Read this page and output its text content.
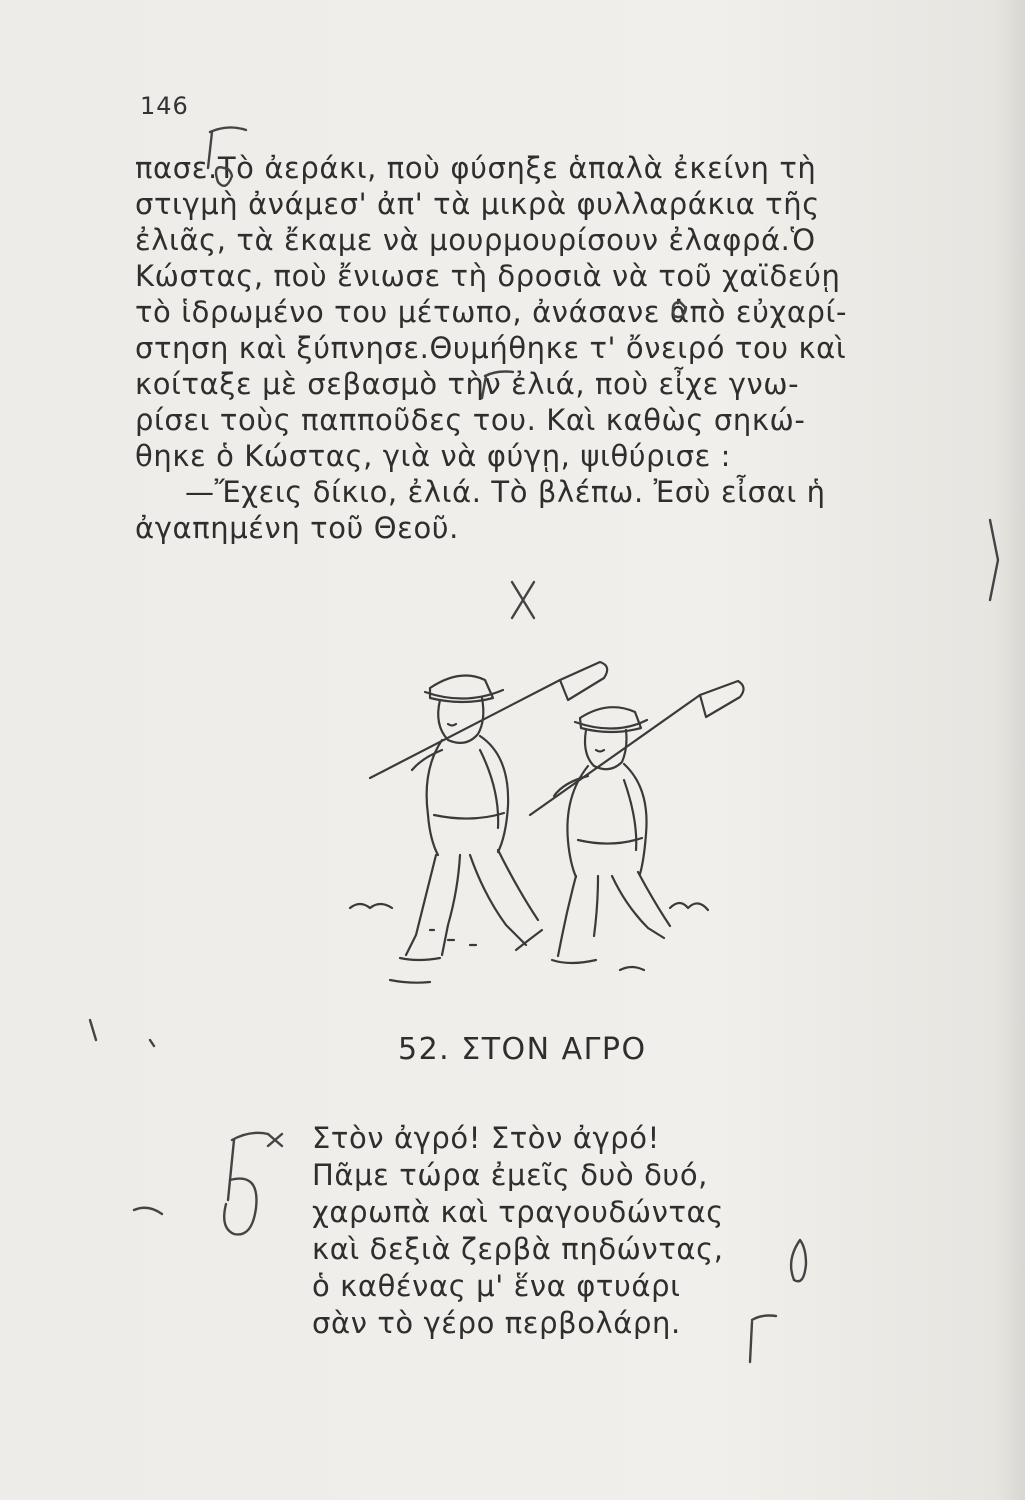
146
πασε.Τὸ ἀεράκι, ποὺ φύσηξε ἁπαλὰ ἐκείνη τὴ
στιγμὴ ἀνάμεσ' ἀπ' τὰ μικρὰ φυλλαράκια τῆς
ἐλιᾶς, τὰ ἔκαμε νὰ μουρμουρίσουν ἐλαφρά.Ὁ
Κώστας, ποὺ ἔνιωσε τὴ δροσιὰ νὰ τοῦ χαϊδεύῃ
τὸ ἱδρωμένο του μέτωπο, ἀνάσανε ἀπὸ εὐχαρί-
στηση καὶ ξύπνησε.Θυμήθηκε τ' ὄνειρό του καὶ
κοίταξε μὲ σεβασμὸ τὴν ἐλιά, ποὺ εἶχε γνω-
ρίσει τοὺς παπποῦδες του. Καὶ καθὼς σηκώ-
θηκε ὁ Κώστας, γιὰ νὰ φύγῃ, ψιθύρισε :
—Ἔχεις δίκιο, ἐλιά. Τὸ βλέπω. Ἐσὺ εἶσαι ἡ
ἀγαπημένη τοῦ Θεοῦ.
52. ΣΤΟΝ ΑΓΡΟ
Στὸν ἀγρό! Στὸν ἀγρό!
Πᾶμε τώρα ἐμεῖς δυὸ δυό,
χαρωπὰ καὶ τραγουδώντας
καὶ δεξιὰ ζερβὰ πηδώντας,
ὁ καθένας μ' ἕνα φτυάρι
σὰν τὸ γέρο περβολάρη.
